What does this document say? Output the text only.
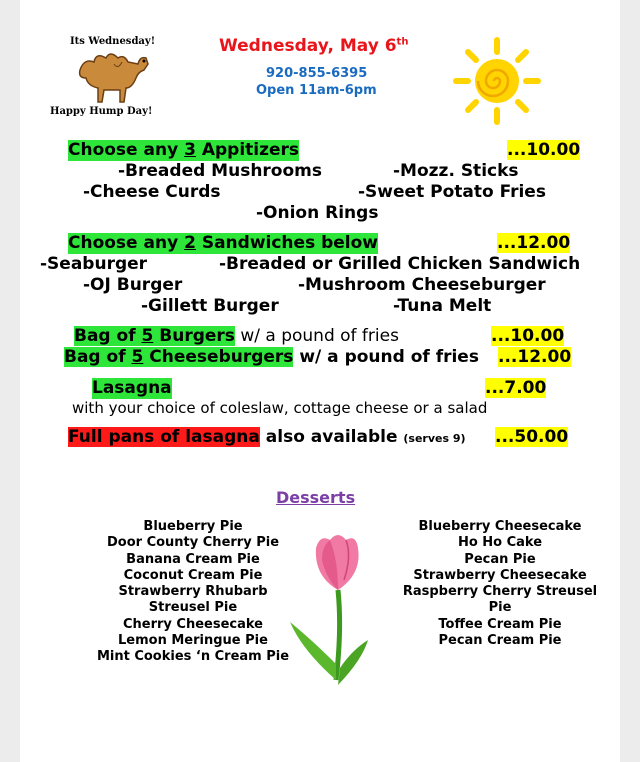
Its Wednesday!
Happy Hump Day!
Wednesday, May 6th
920-855-6395
Open 11am-6pm
Choose any 3 Appitizers	...10.00
-Breaded Mushrooms	-Mozz. Sticks
-Cheese Curds	-Sweet Potato Fries
-Onion Rings
Choose any 2 Sandwiches below	...12.00
-Seaburger	-Breaded or Grilled Chicken Sandwich
-OJ Burger	-Mushroom Cheeseburger
-Gillett Burger	-Tuna Melt
Bag of 5 Burgers w/ a pound of fries	...10.00
Bag of 5 Cheeseburgers w/ a pound of fries ...12.00
Lasagna	...7.00
with your choice of coleslaw, cottage cheese or a salad
Full pans of lasagna also available (serves 9) ...50.00
Desserts
Blueberry Pie
Door County Cherry Pie
Banana Cream Pie
Coconut Cream Pie
Strawberry Rhubarb
Streusel Pie
Cherry Cheesecake
Lemon Meringue Pie
Mint Cookies ‘n Cream Pie
Blueberry Cheesecake
Ho Ho Cake
Pecan Pie
Strawberry Cheesecake
Raspberry Cherry Streusel
Pie
Toffee Cream Pie
Pecan Cream Pie
